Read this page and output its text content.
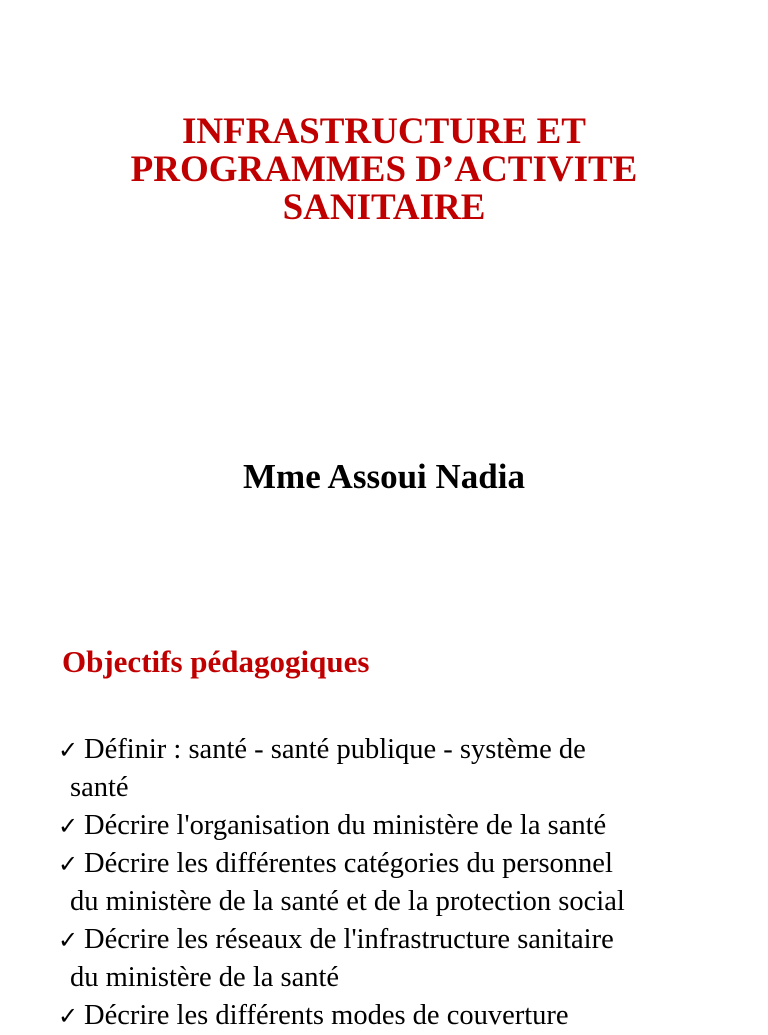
INFRASTRUCTURE ET
PROGRAMMES D’ACTIVITE
SANITAIRE

Mme Assoui Nadia

Objectifs pédagogiques
✓ Définir : santé - santé publique - système de
santé
✓ Décrire l'organisation du ministère de la santé
✓ Décrire les différentes catégories du personnel
du ministère de la santé et de la protection social
✓ Décrire les réseaux de l'infrastructure sanitaire
du ministère de la santé
✓ Décrire les différents modes de couverture
